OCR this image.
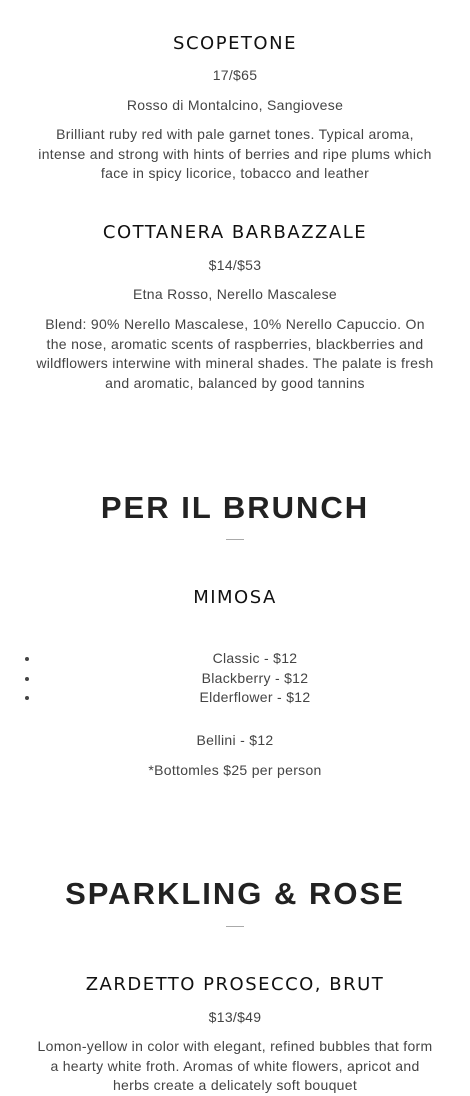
SCOPETONE
17/$65
Rosso di Montalcino, Sangiovese
Brilliant ruby red with pale garnet tones. Typical aroma, intense and strong with hints of berries and ripe plums which face in spicy licorice, tobacco and leather
COTTANERA BARBAZZALE
$14/$53
Etna Rosso, Nerello Mascalese
Blend: 90% Nerello Mascalese, 10% Nerello Capuccio. On the nose, aromatic scents of raspberries, blackberries and wildflowers interwine with mineral shades. The palate is fresh and aromatic, balanced by good tannins
PER IL BRUNCH
MIMOSA
• Classic - $12
• Blackberry - $12
• Elderflower - $12
Bellini - $12
*Bottomles $25 per person
SPARKLING & ROSE
ZARDETTO PROSECCO, BRUT
$13/$49
Lomon-yellow in color with elegant, refined bubbles that form a hearty white froth. Aromas of white flowers, apricot and herbs create a delicately soft bouquet
